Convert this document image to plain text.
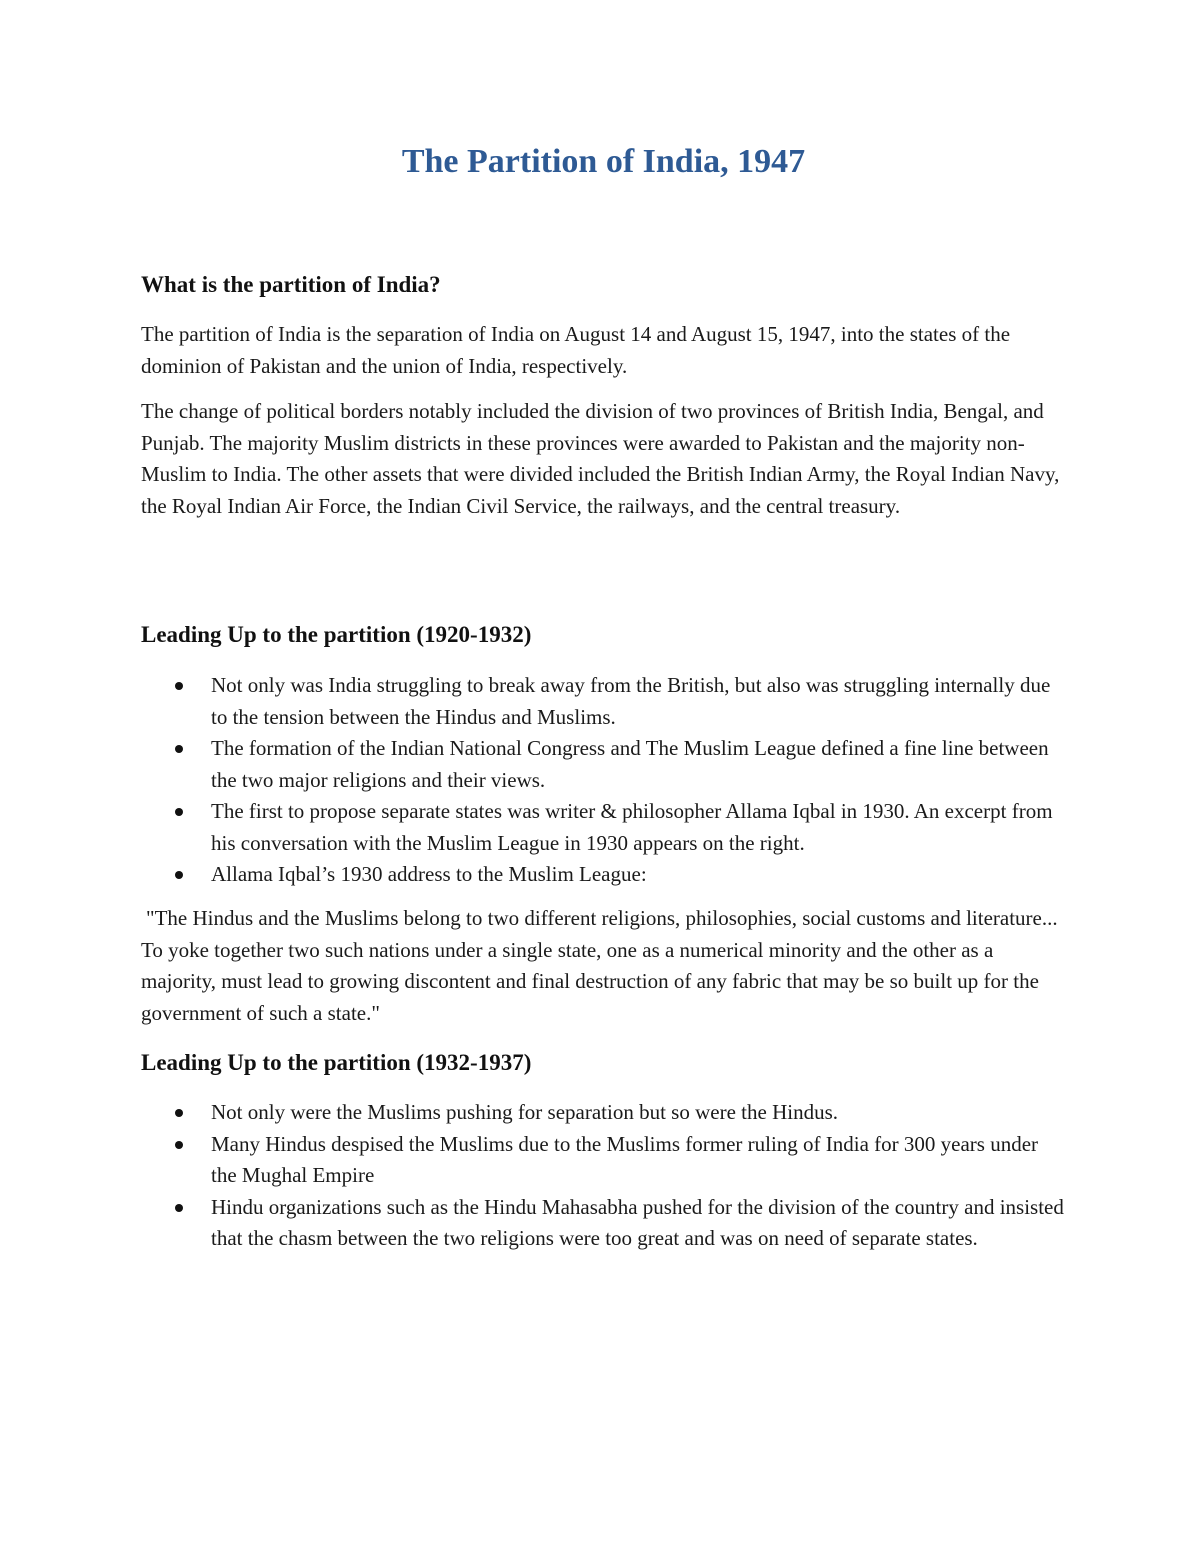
The Partition of India, 1947
What is the partition of India?

The partition of India is the separation of India on August 14 and August 15, 1947, into the states of the dominion of Pakistan and the union of India, respectively.

The change of political borders notably included the division of two provinces of British India, Bengal, and Punjab. The majority Muslim districts in these provinces were awarded to Pakistan and the majority non-Muslim to India. The other assets that were divided included the British Indian Army, the Royal Indian Navy, the Royal Indian Air Force, the Indian Civil Service, the railways, and the central treasury.

Leading Up to the partition (1920-1932)
Not only was India struggling to break away from the British, but also was struggling internally due to the tension between the Hindus and Muslims.
The formation of the Indian National Congress and The Muslim League defined a fine line between the two major religions and their views.
The first to propose separate states was writer & philosopher Allama Iqbal in 1930. An excerpt from his conversation with the Muslim League in 1930 appears on the right.
Allama Iqbal’s 1930 address to the Muslim League:

"The Hindus and the Muslims belong to two different religions, philosophies, social customs and literature... To yoke together two such nations under a single state, one as a numerical minority and the other as a majority, must lead to growing discontent and final destruction of any fabric that may be so built up for the government of such a state."

Leading Up to the partition (1932-1937)
Not only were the Muslims pushing for separation but so were the Hindus.
Many Hindus despised the Muslims due to the Muslims former ruling of India for 300 years under the Mughal Empire
Hindu organizations such as the Hindu Mahasabha pushed for the division of the country and insisted that the chasm between the two religions were too great and was on need of separate states.
